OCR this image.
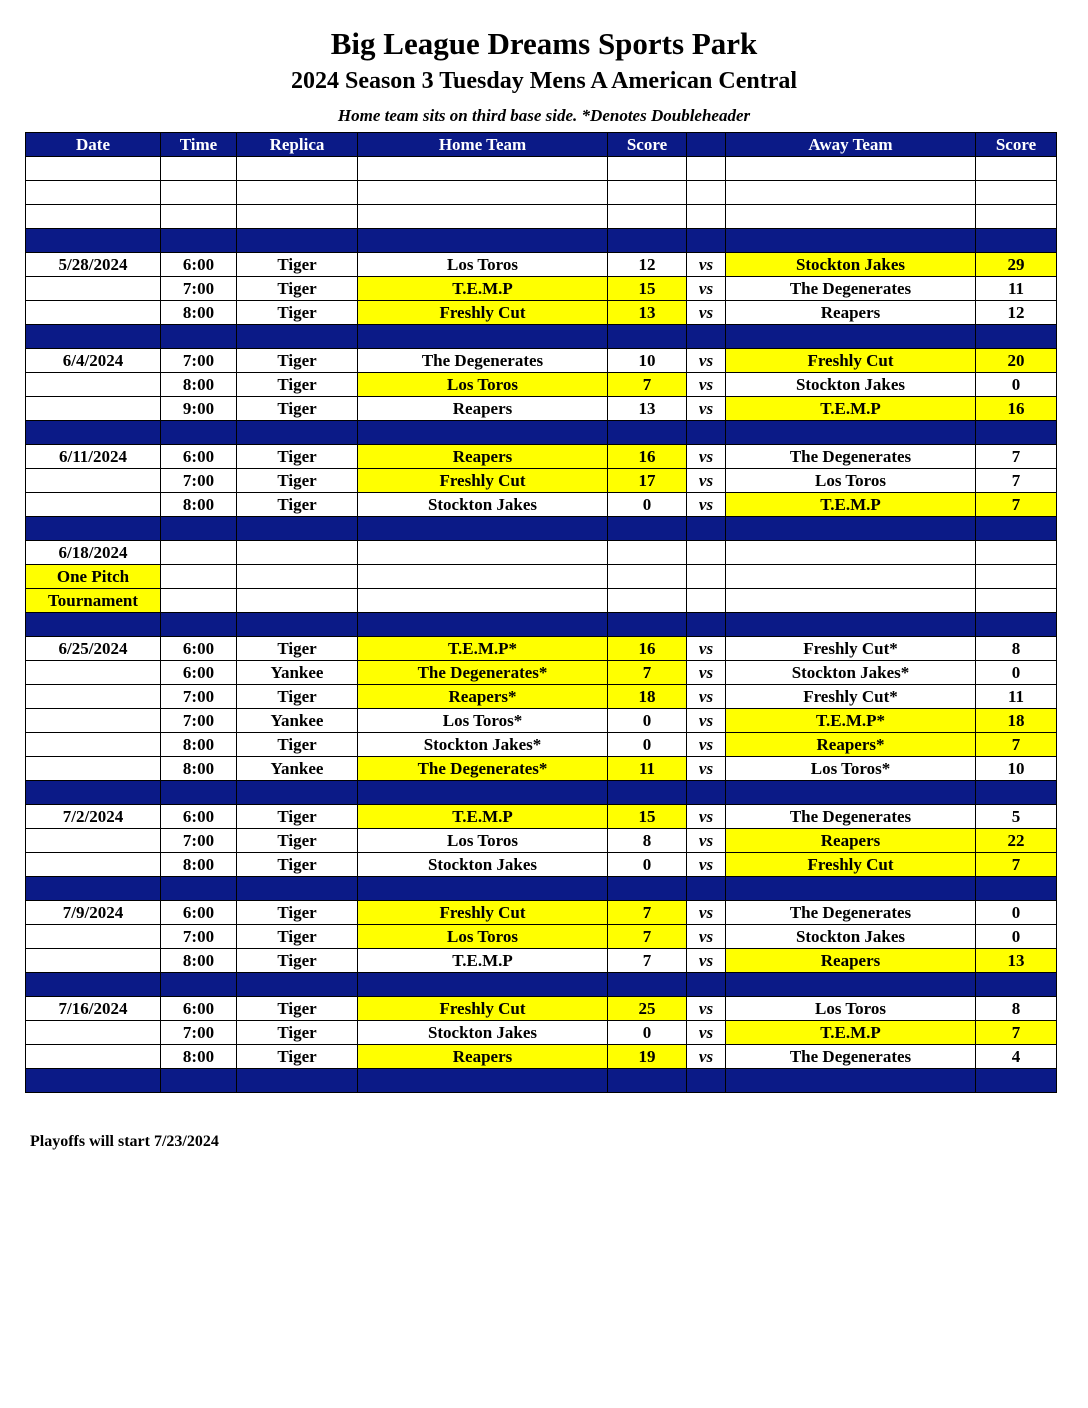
Big League Dreams Sports Park
2024 Season 3 Tuesday Mens A American Central
Home team sits on third base side. *Denotes Doubleheader
Date	Time	Replica	Home Team	Score		Away Team	Score

5/28/2024	6:00	Tiger	Los Toros	12	vs	Stockton Jakes	29
	7:00	Tiger	T.E.M.P	15	vs	The Degenerates	11
	8:00	Tiger	Freshly Cut	13	vs	Reapers	12

6/4/2024	7:00	Tiger	The Degenerates	10	vs	Freshly Cut	20
	8:00	Tiger	Los Toros	7	vs	Stockton Jakes	0
	9:00	Tiger	Reapers	13	vs	T.E.M.P	16

6/11/2024	6:00	Tiger	Reapers	16	vs	The Degenerates	7
	7:00	Tiger	Freshly Cut	17	vs	Los Toros	7
	8:00	Tiger	Stockton Jakes	0	vs	T.E.M.P	7

6/18/2024							
One Pitch							
Tournament							

6/25/2024	6:00	Tiger	T.E.M.P*	16	vs	Freshly Cut*	8
	6:00	Yankee	The Degenerates*	7	vs	Stockton Jakes*	0
	7:00	Tiger	Reapers*	18	vs	Freshly Cut*	11
	7:00	Yankee	Los Toros*	0	vs	T.E.M.P*	18
	8:00	Tiger	Stockton Jakes*	0	vs	Reapers*	7
	8:00	Yankee	The Degenerates*	11	vs	Los Toros*	10

7/2/2024	6:00	Tiger	T.E.M.P	15	vs	The Degenerates	5
	7:00	Tiger	Los Toros	8	vs	Reapers	22
	8:00	Tiger	Stockton Jakes	0	vs	Freshly Cut	7

7/9/2024	6:00	Tiger	Freshly Cut	7	vs	The Degenerates	0
	7:00	Tiger	Los Toros	7	vs	Stockton Jakes	0
	8:00	Tiger	T.E.M.P	7	vs	Reapers	13

7/16/2024	6:00	Tiger	Freshly Cut	25	vs	Los Toros	8
	7:00	Tiger	Stockton Jakes	0	vs	T.E.M.P	7
	8:00	Tiger	Reapers	19	vs	The Degenerates	4

Playoffs will start 7/23/2024
